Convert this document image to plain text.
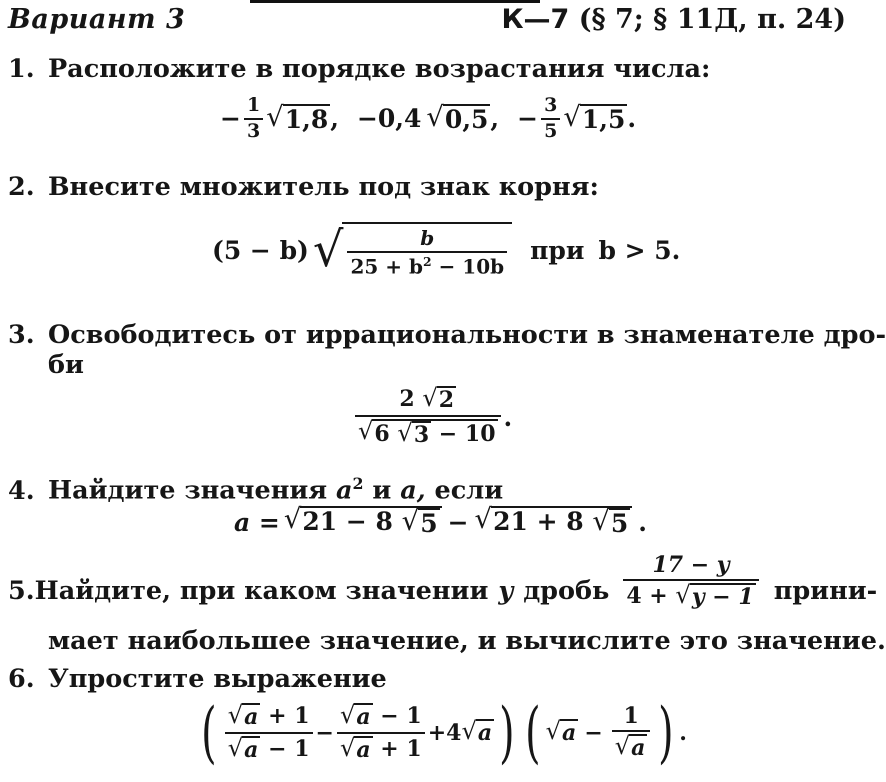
Вариант 3	К—7 (§ 7; § 11Д, п. 24)
1. Расположите в порядке возрастания числа:
− $\frac{1}{3}$ √ 1,8 , −0,4 √ 0,5 , − $\frac{3}{5}$ √ 1,5 .
2. Внесите множитель под знак корня:
(5 − b) √ $\frac{b}{25 + b^2 - 10b}$ при b > 5.
3. Освободитесь от иррациональности в знаменателе дро-
би
$\frac{2 √ 2}{√ 6 √ 3 - 10}$ .
4. Найдите значения $a^2$ и a, если
a = √ 21 − 8 √ 5 − √ 21 + 8 √ 5 .
5. Найдите, при каком значении y дробь $\frac{17 - y}{4 + √ y - 1}$ прини-
мает наибольшее значение, и вычислите это значение.
6. Упростите выражение
( $\frac{√ a + 1}{√ a - 1} - \frac{√ a - 1}{√ a + 1} +4$ √ a ) ( √ $a - \frac{1}{√ a}$ ) .
